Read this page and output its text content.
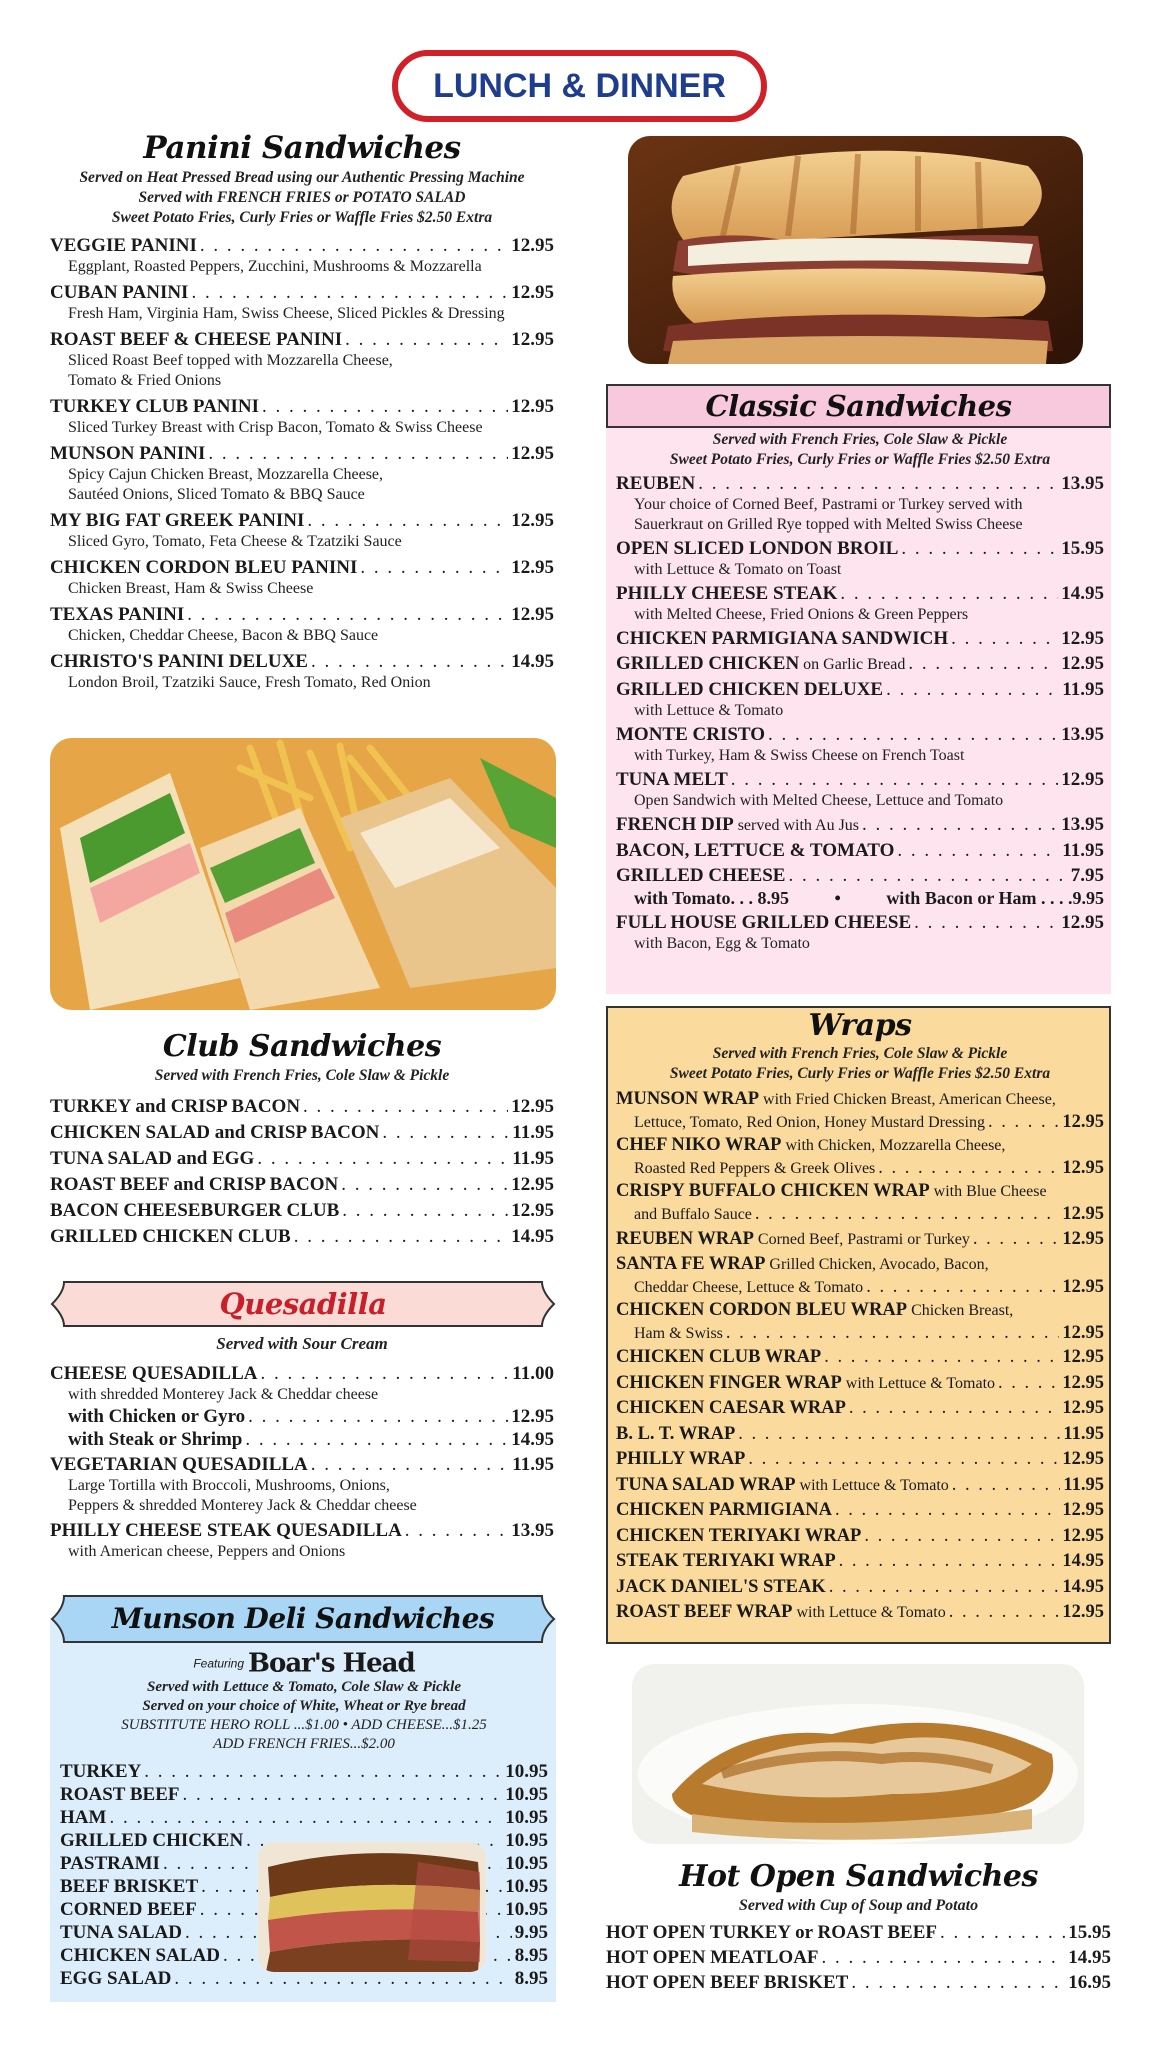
LUNCH & DINNER
Panini Sandwiches
Served on Heat Pressed Bread using our Authentic Pressing Machine
Served with FRENCH FRIES or POTATO SALAD
Sweet Potato Fries, Curly Fries or Waffle Fries $2.50 Extra
VEGGIE PANINI . . .	12.95
Eggplant, Roasted Peppers, Zucchini, Mushrooms & Mozzarella
CUBAN PANINI . . .	12.95
Fresh Ham, Virginia Ham, Swiss Cheese, Sliced Pickles & Dressing
ROAST BEEF & CHEESE PANINI . . .	12.95
Sliced Roast Beef topped with Mozzarella Cheese,
Tomato & Fried Onions
TURKEY CLUB PANINI . . .	12.95
Sliced Turkey Breast with Crisp Bacon, Tomato & Swiss Cheese
MUNSON PANINI . . .	12.95
Spicy Cajun Chicken Breast, Mozzarella Cheese,
Sautéed Onions, Sliced Tomato & BBQ Sauce
MY BIG FAT GREEK PANINI . . .	12.95
Sliced Gyro, Tomato, Feta Cheese & Tzatziki Sauce
CHICKEN CORDON BLEU PANINI . . .	12.95
Chicken Breast, Ham & Swiss Cheese
TEXAS PANINI . . .	12.95
Chicken, Cheddar Cheese, Bacon & BBQ Sauce
CHRISTO'S PANINI DELUXE . . .	14.95
London Broil, Tzatziki Sauce, Fresh Tomato, Red Onion
Club Sandwiches
Served with French Fries, Cole Slaw & Pickle
TURKEY and CRISP BACON . . .	12.95
CHICKEN SALAD and CRISP BACON . . .	11.95
TUNA SALAD and EGG . . .	11.95
ROAST BEEF and CRISP BACON . . .	12.95
BACON CHEESEBURGER CLUB . . .	12.95
GRILLED CHICKEN CLUB . . .	14.95
Quesadilla
Served with Sour Cream
CHEESE QUESADILLA . . .	11.00
with shredded Monterey Jack & Cheddar cheese
with Chicken or Gyro . . .	12.95
with Steak or Shrimp . . .	14.95
VEGETARIAN QUESADILLA . . .	11.95
Large Tortilla with Broccoli, Mushrooms, Onions,
Peppers & shredded Monterey Jack & Cheddar cheese
PHILLY CHEESE STEAK QUESADILLA . . .	13.95
with American cheese, Peppers and Onions
Munson Deli Sandwiches
Featuring Boar's Head
Served with Lettuce & Tomato, Cole Slaw & Pickle
Served on your choice of White, Wheat or Rye bread
SUBSTITUTE HERO ROLL ...$1.00 • ADD CHEESE...$1.25
ADD FRENCH FRIES...$2.00
TURKEY . . .	10.95
ROAST BEEF . . .	10.95
HAM . . .	10.95
GRILLED CHICKEN . . .	10.95
PASTRAMI . . .	10.95
BEEF BRISKET . . .	10.95
CORNED BEEF . . .	10.95
TUNA SALAD . . .	9.95
CHICKEN SALAD . . .	8.95
EGG SALAD . . .	8.95
Classic Sandwiches
Served with French Fries, Cole Slaw & Pickle
Sweet Potato Fries, Curly Fries or Waffle Fries $2.50 Extra
REUBEN . . .	13.95
Your choice of Corned Beef, Pastrami or Turkey served with
Sauerkraut on Grilled Rye topped with Melted Swiss Cheese
OPEN SLICED LONDON BROIL . . .	15.95
with Lettuce & Tomato on Toast
PHILLY CHEESE STEAK . . .	14.95
with Melted Cheese, Fried Onions & Green Peppers
CHICKEN PARMIGIANA SANDWICH . . .	12.95
GRILLED CHICKEN on Garlic Bread . . .	12.95
GRILLED CHICKEN DELUXE . . .	11.95
with Lettuce & Tomato
MONTE CRISTO . . .	13.95
with Turkey, Ham & Swiss Cheese on French Toast
TUNA MELT . . .	12.95
Open Sandwich with Melted Cheese, Lettuce and Tomato
FRENCH DIP served with Au Jus . . .	13.95
BACON, LETTUCE & TOMATO . . .	11.95
GRILLED CHEESE . . .	7.95
with Tomato. . . 8.95	•	with Bacon or Ham . . . .9.95
FULL HOUSE GRILLED CHEESE . . .	12.95
with Bacon, Egg & Tomato
Wraps
Served with French Fries, Cole Slaw & Pickle
Sweet Potato Fries, Curly Fries or Waffle Fries $2.50 Extra
MUNSON WRAP with Fried Chicken Breast, American Cheese,
Lettuce, Tomato, Red Onion, Honey Mustard Dressing . . .	12.95
CHEF NIKO WRAP with Chicken, Mozzarella Cheese,
Roasted Red Peppers & Greek Olives . . .	12.95
CRISPY BUFFALO CHICKEN WRAP with Blue Cheese
and Buffalo Sauce . . .	12.95
REUBEN WRAP Corned Beef, Pastrami or Turkey . . .	12.95
SANTA FE WRAP Grilled Chicken, Avocado, Bacon,
Cheddar Cheese, Lettuce & Tomato . . .	12.95
CHICKEN CORDON BLEU WRAP Chicken Breast,
Ham & Swiss . . .	12.95
CHICKEN CLUB WRAP . . .	12.95
CHICKEN FINGER WRAP with Lettuce & Tomato . . .	12.95
CHICKEN CAESAR WRAP . . .	12.95
B. L. T. WRAP . . .	11.95
PHILLY WRAP . . .	12.95
TUNA SALAD WRAP with Lettuce & Tomato . . .	11.95
CHICKEN PARMIGIANA . . .	12.95
CHICKEN TERIYAKI WRAP . . .	12.95
STEAK TERIYAKI WRAP . . .	14.95
JACK DANIEL'S STEAK . . .	14.95
ROAST BEEF WRAP with Lettuce & Tomato . . .	12.95
Hot Open Sandwiches
Served with Cup of Soup and Potato
HOT OPEN TURKEY or ROAST BEEF . . .	15.95
HOT OPEN MEATLOAF . . .	14.95
HOT OPEN BEEF BRISKET . . .	16.95
